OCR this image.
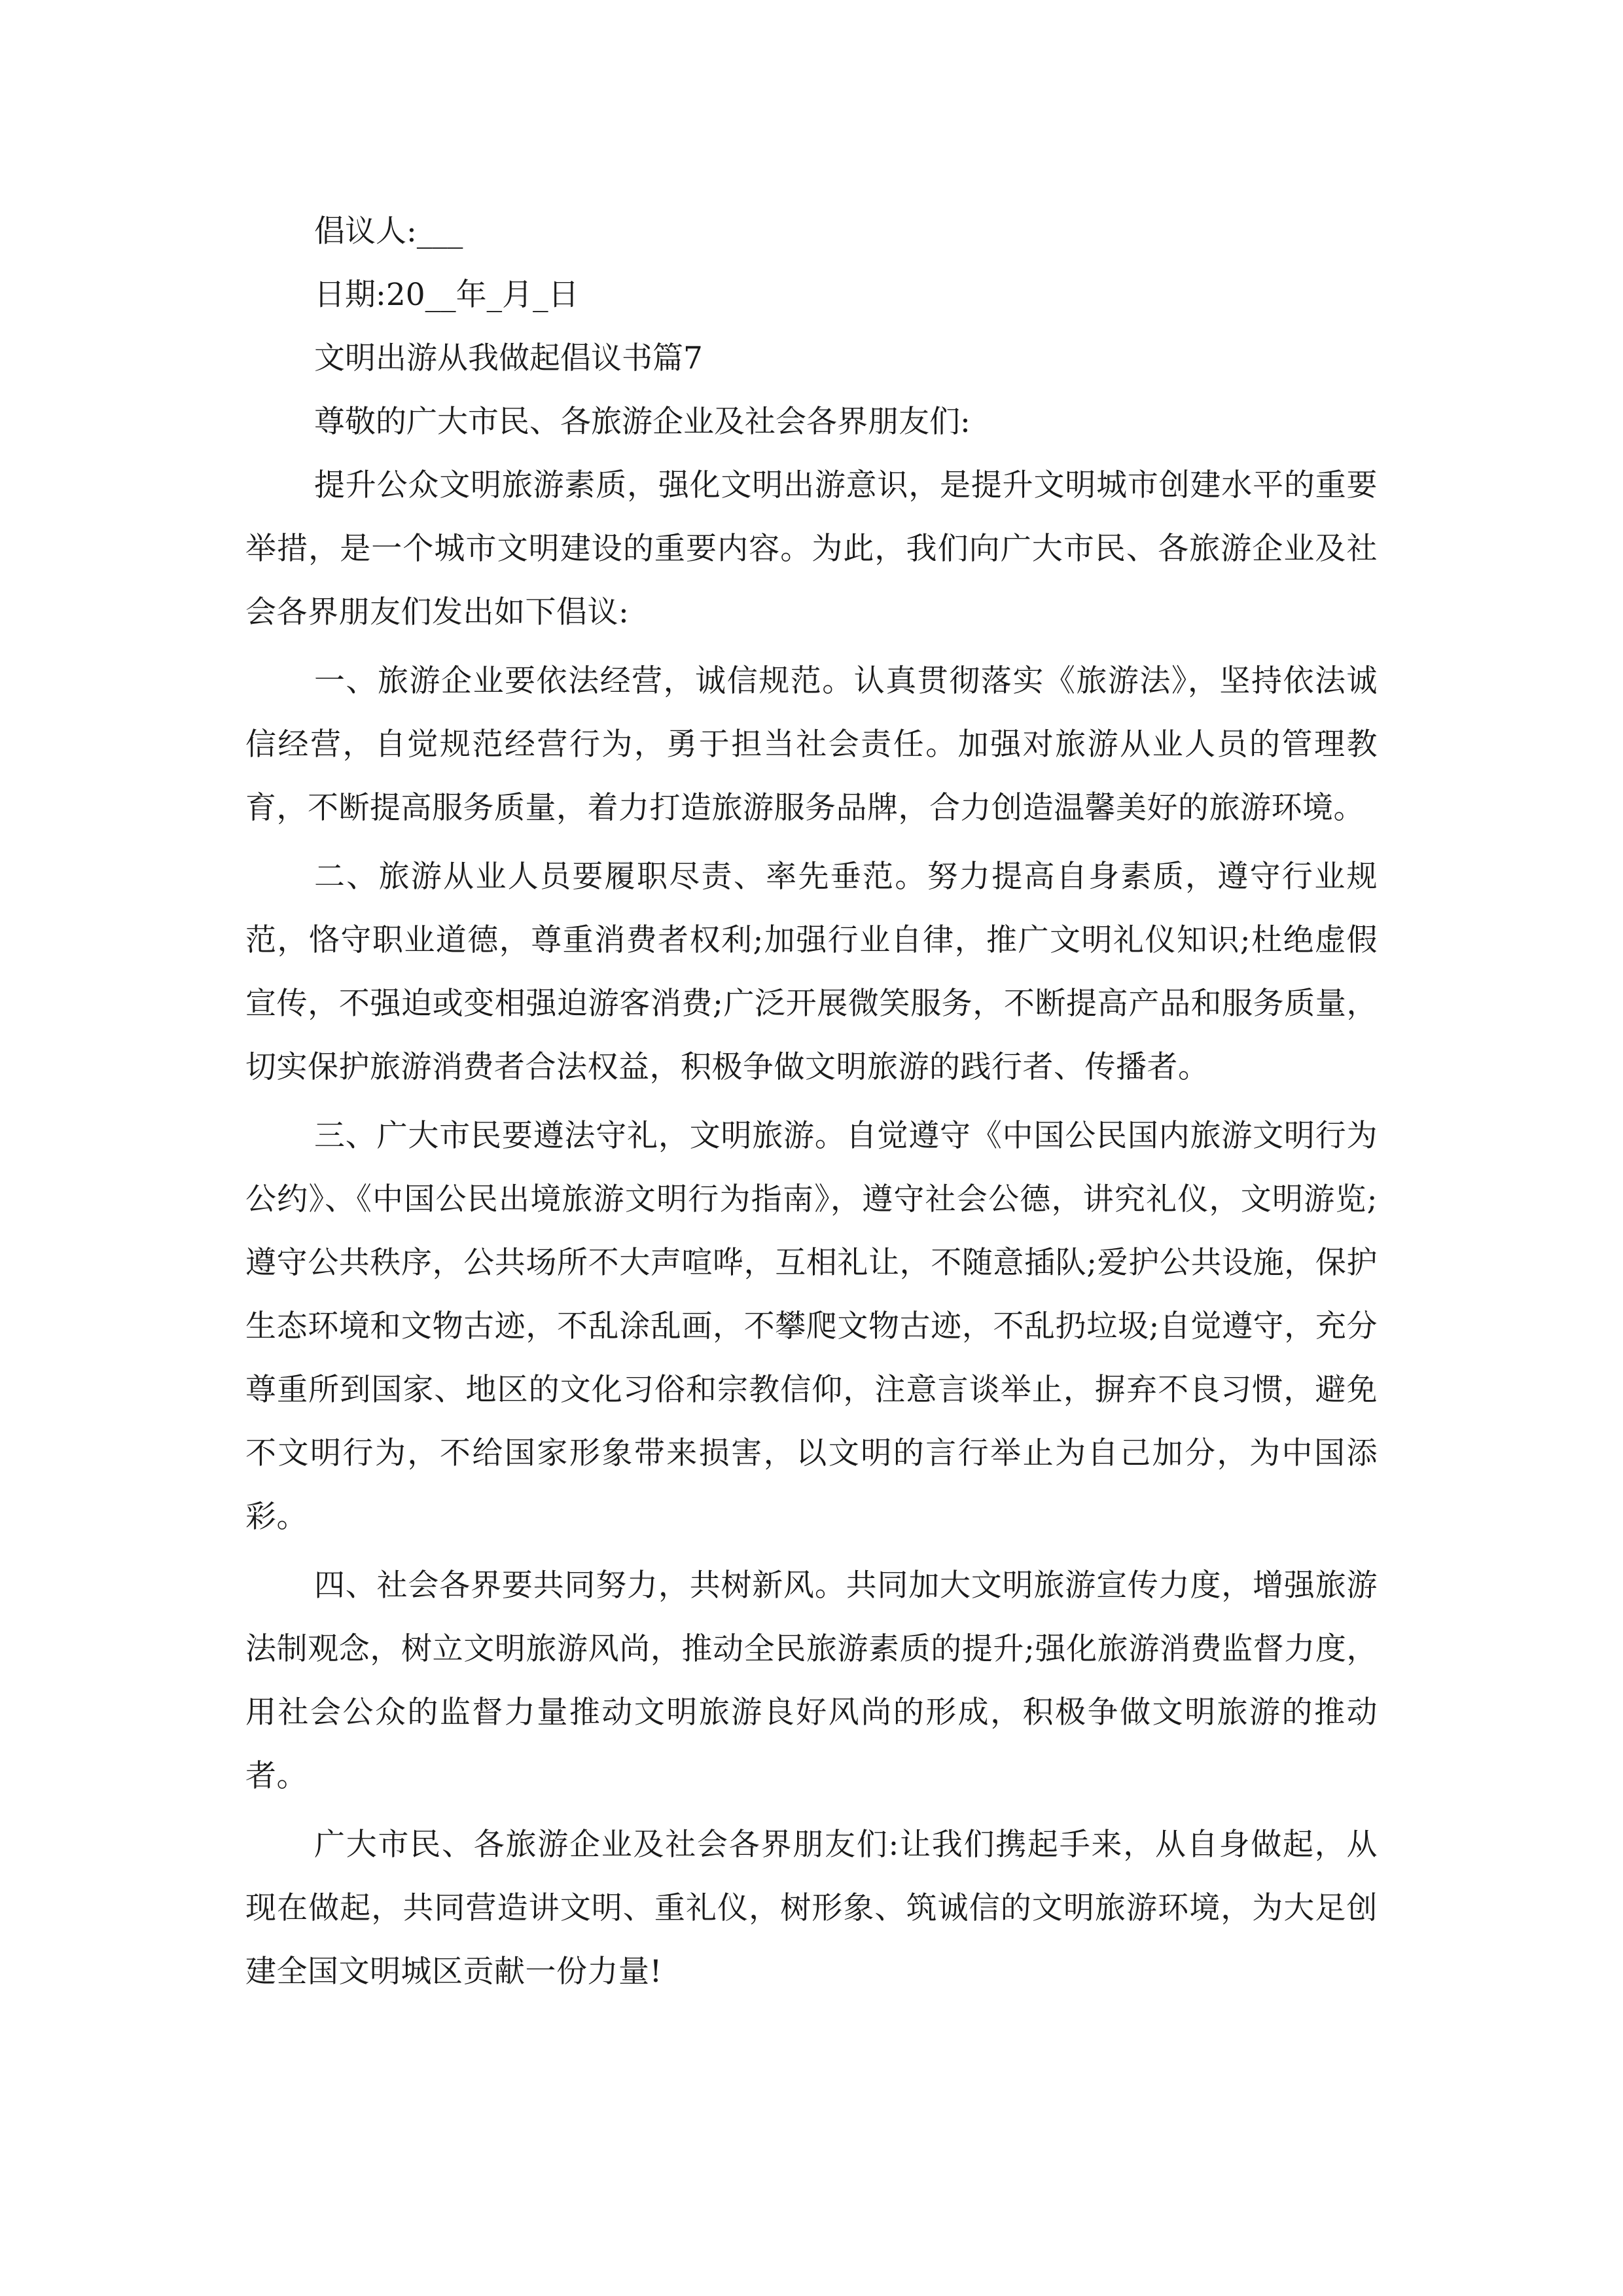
倡议人:___

日期:20__年_月_日

文明出游从我做起倡议书篇7

尊敬的广大市民、各旅游企业及社会各界朋友们:

提升公众文明旅游素质，强化文明出游意识，是提升文明城市创建水平的重要举措，是一个城市文明建设的重要内容。为此，我们向广大市民、各旅游企业及社会各界朋友们发出如下倡议:

一、旅游企业要依法经营，诚信规范。认真贯彻落实《旅游法》，坚持依法诚信经营，自觉规范经营行为，勇于担当社会责任。加强对旅游从业人员的管理教育，不断提高服务质量，着力打造旅游服务品牌，合力创造温馨美好的旅游环境。

二、旅游从业人员要履职尽责、率先垂范。努力提高自身素质，遵守行业规范，恪守职业道德，尊重消费者权利;加强行业自律，推广文明礼仪知识;杜绝虚假宣传，不强迫或变相强迫游客消费;广泛开展微笑服务，不断提高产品和服务质量，切实保护旅游消费者合法权益，积极争做文明旅游的践行者、传播者。

三、广大市民要遵法守礼，文明旅游。自觉遵守《中国公民国内旅游文明行为公约》、《中国公民出境旅游文明行为指南》，遵守社会公德，讲究礼仪，文明游览;遵守公共秩序，公共场所不大声喧哗，互相礼让，不随意插队;爱护公共设施，保护生态环境和文物古迹，不乱涂乱画，不攀爬文物古迹，不乱扔垃圾;自觉遵守，充分尊重所到国家、地区的文化习俗和宗教信仰，注意言谈举止，摒弃不良习惯，避免不文明行为，不给国家形象带来损害，以文明的言行举止为自己加分，为中国添彩。

四、社会各界要共同努力，共树新风。共同加大文明旅游宣传力度，增强旅游法制观念，树立文明旅游风尚，推动全民旅游素质的提升;强化旅游消费监督力度，用社会公众的监督力量推动文明旅游良好风尚的形成，积极争做文明旅游的推动者。

广大市民、各旅游企业及社会各界朋友们:让我们携起手来，从自身做起，从现在做起，共同营造讲文明、重礼仪，树形象、筑诚信的文明旅游环境，为大足创建全国文明城区贡献一份力量!
